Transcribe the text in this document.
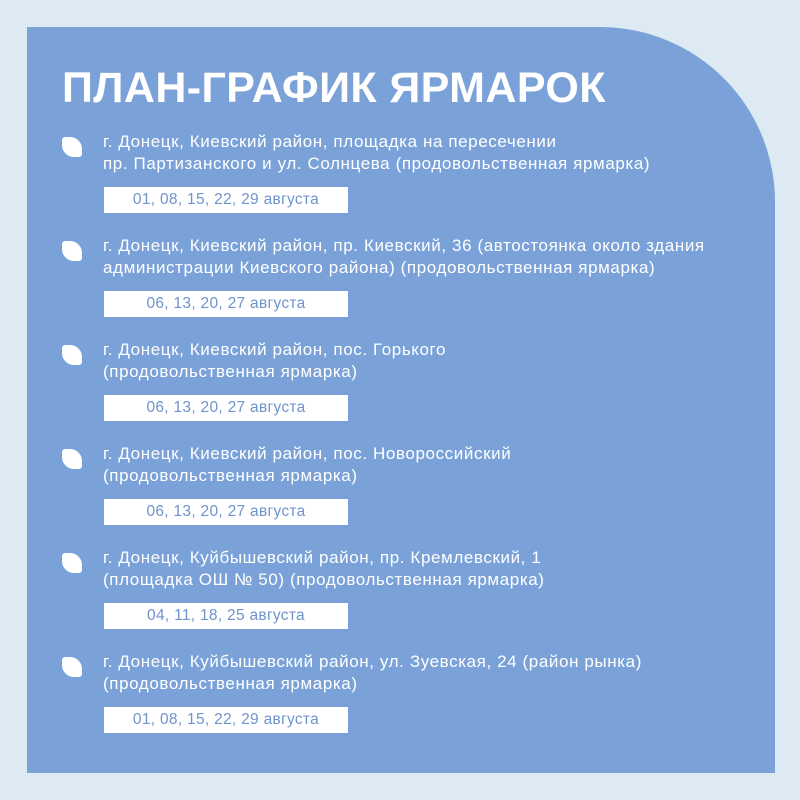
ПЛАН-ГРАФИК ЯРМАРОК
г. Донецк, Киевский район, площадка на пересечении
пр. Партизанского и ул. Солнцева (продовольственная ярмарка)
01, 08, 15, 22, 29 августа
г. Донецк, Киевский район, пр. Киевский, 36 (автостоянка около здания
администрации Киевского района) (продовольственная ярмарка)
06, 13, 20, 27 августа
г. Донецк, Киевский район, пос. Горького
(продовольственная ярмарка)
06, 13, 20, 27 августа
г. Донецк, Киевский район, пос. Новороссийский
(продовольственная ярмарка)
06, 13, 20, 27 августа
г. Донецк, Куйбышевский район, пр. Кремлевский, 1
(площадка ОШ № 50) (продовольственная ярмарка)
04, 11, 18, 25 августа
г. Донецк, Куйбышевский район, ул. Зуевская, 24 (район рынка)
(продовольственная ярмарка)
01, 08, 15, 22, 29 августа
